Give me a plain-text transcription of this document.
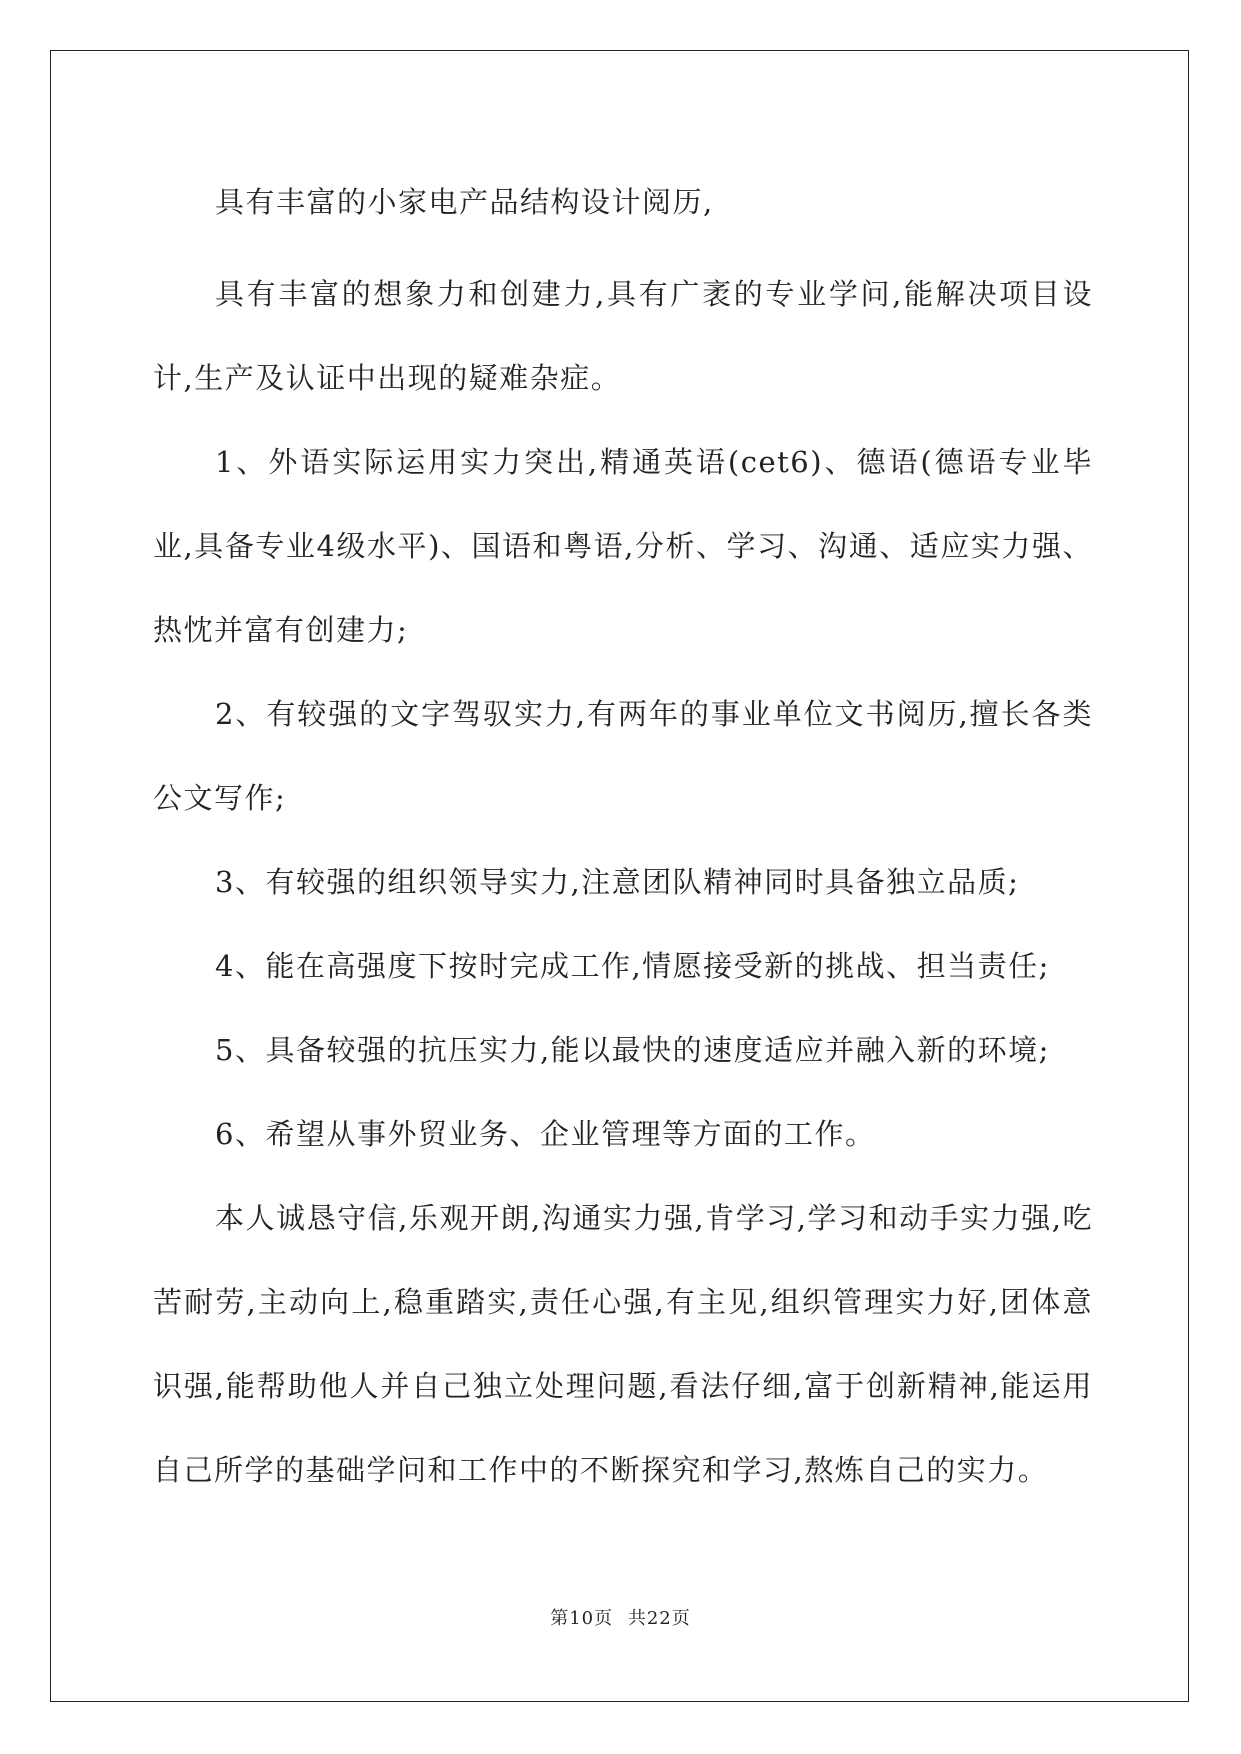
具有丰富的小家电产品结构设计阅历,

具有丰富的想象力和创建力,具有广袤的专业学问,能解决项目设计,生产及认证中出现的疑难杂症。

1、外语实际运用实力突出,精通英语(cet6)、德语(德语专业毕业,具备专业4级水平)、国语和粤语,分析、学习、沟通、适应实力强、热忱并富有创建力;

2、有较强的文字驾驭实力,有两年的事业单位文书阅历,擅长各类公文写作;

3、有较强的组织领导实力,注意团队精神同时具备独立品质;

4、能在高强度下按时完成工作,情愿接受新的挑战、担当责任;

5、具备较强的抗压实力,能以最快的速度适应并融入新的环境;

6、希望从事外贸业务、企业管理等方面的工作。

本人诚恳守信,乐观开朗,沟通实力强,肯学习,学习和动手实力强,吃苦耐劳,主动向上,稳重踏实,责任心强,有主见,组织管理实力好,团体意识强,能帮助他人并自己独立处理问题,看法仔细,富于创新精神,能运用自己所学的基础学问和工作中的不断探究和学习,熬炼自己的实力。

第10页 共22页
